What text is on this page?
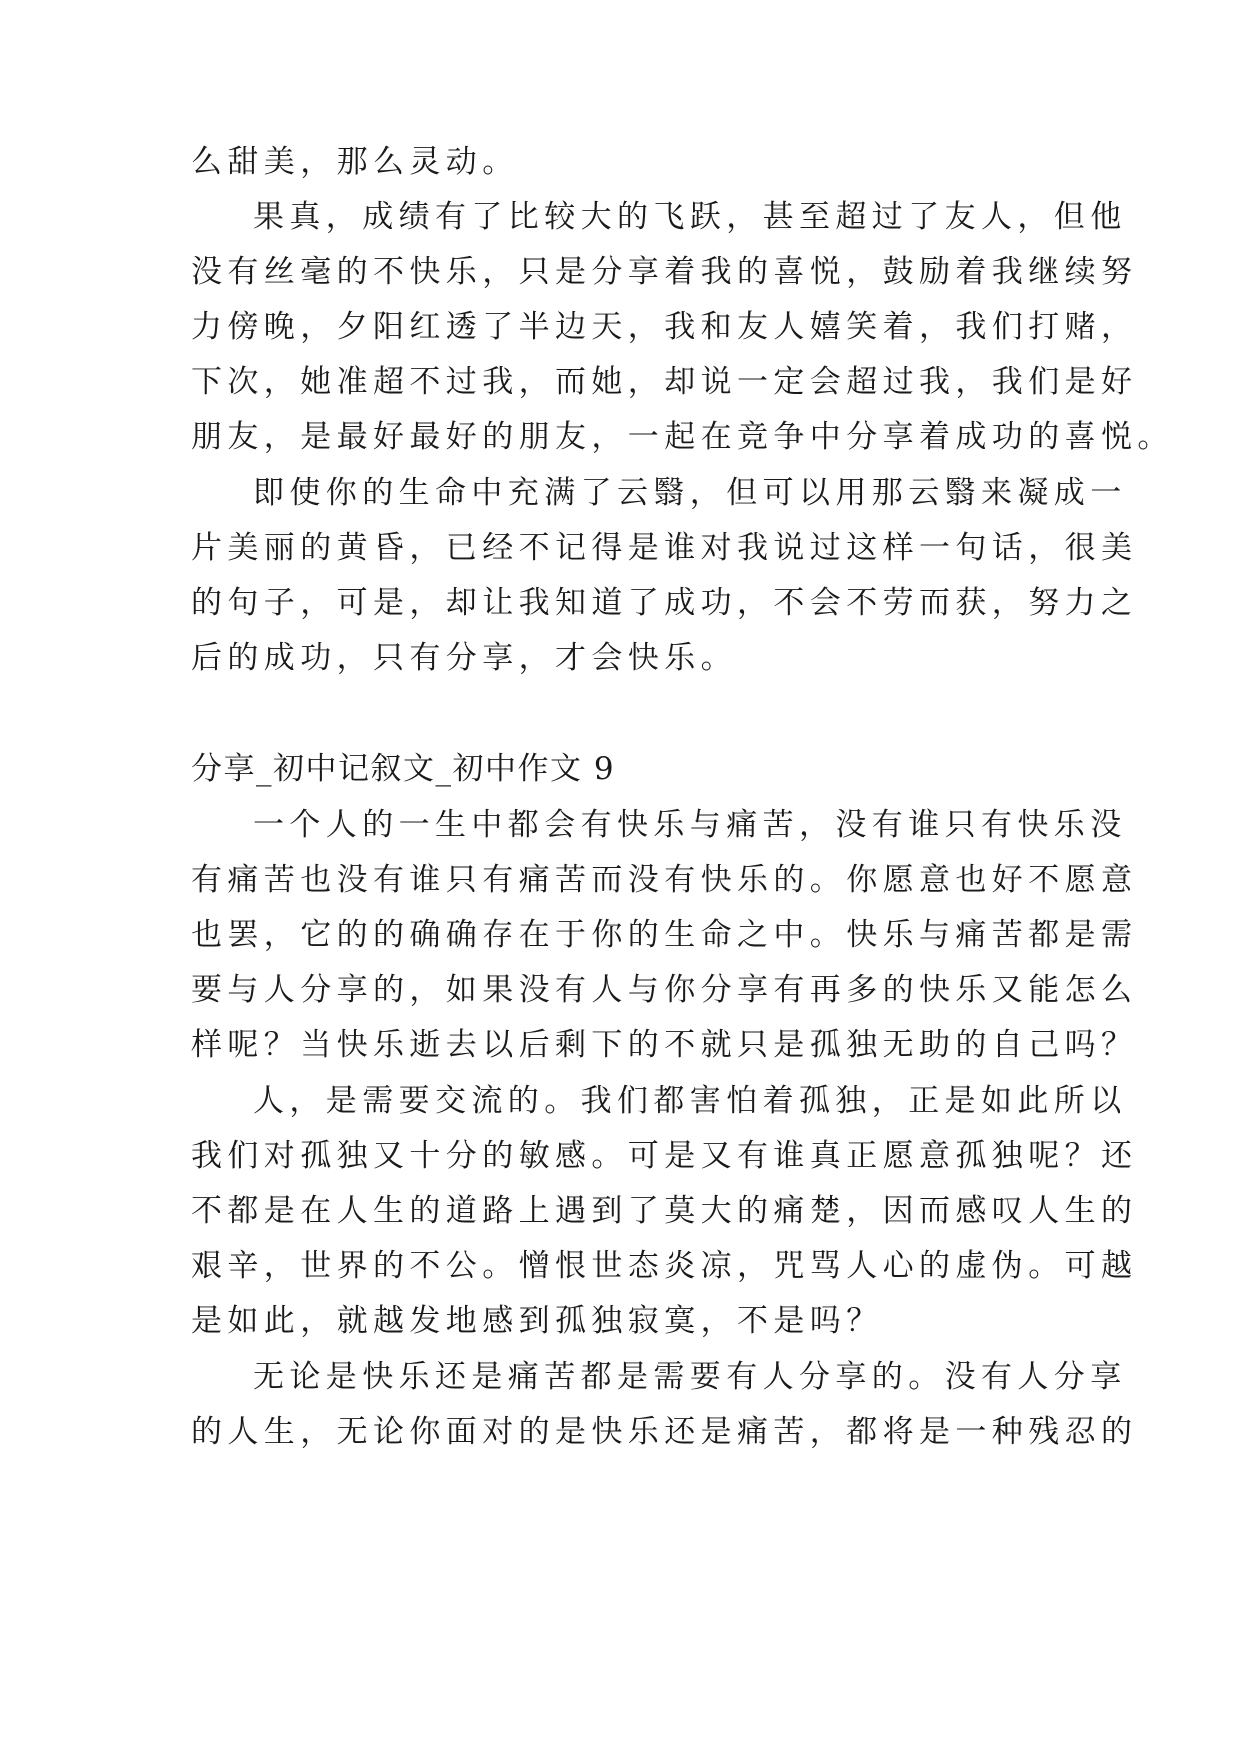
么甜美，那么灵动。
果真，成绩有了比较大的飞跃，甚至超过了友人，但他
没有丝毫的不快乐，只是分享着我的喜悦，鼓励着我继续努
力傍晚，夕阳红透了半边天，我和友人嬉笑着，我们打赌，
下次，她准超不过我，而她，却说一定会超过我，我们是好
朋友，是最好最好的朋友，一起在竞争中分享着成功的喜悦。
即使你的生命中充满了云翳，但可以用那云翳来凝成一
片美丽的黄昏，已经不记得是谁对我说过这样一句话，很美
的句子，可是，却让我知道了成功，不会不劳而获，努力之
后的成功，只有分享，才会快乐。
分享_初中记叙文_初中作文 9
一个人的一生中都会有快乐与痛苦，没有谁只有快乐没
有痛苦也没有谁只有痛苦而没有快乐的。你愿意也好不愿意
也罢，它的的确确存在于你的生命之中。快乐与痛苦都是需
要与人分享的，如果没有人与你分享有再多的快乐又能怎么
样呢？当快乐逝去以后剩下的不就只是孤独无助的自己吗？
人，是需要交流的。我们都害怕着孤独，正是如此所以
我们对孤独又十分的敏感。可是又有谁真正愿意孤独呢？还
不都是在人生的道路上遇到了莫大的痛楚，因而感叹人生的
艰辛，世界的不公。憎恨世态炎凉，咒骂人心的虚伪。可越
是如此，就越发地感到孤独寂寞，不是吗？
无论是快乐还是痛苦都是需要有人分享的。没有人分享
的人生，无论你面对的是快乐还是痛苦，都将是一种残忍的
